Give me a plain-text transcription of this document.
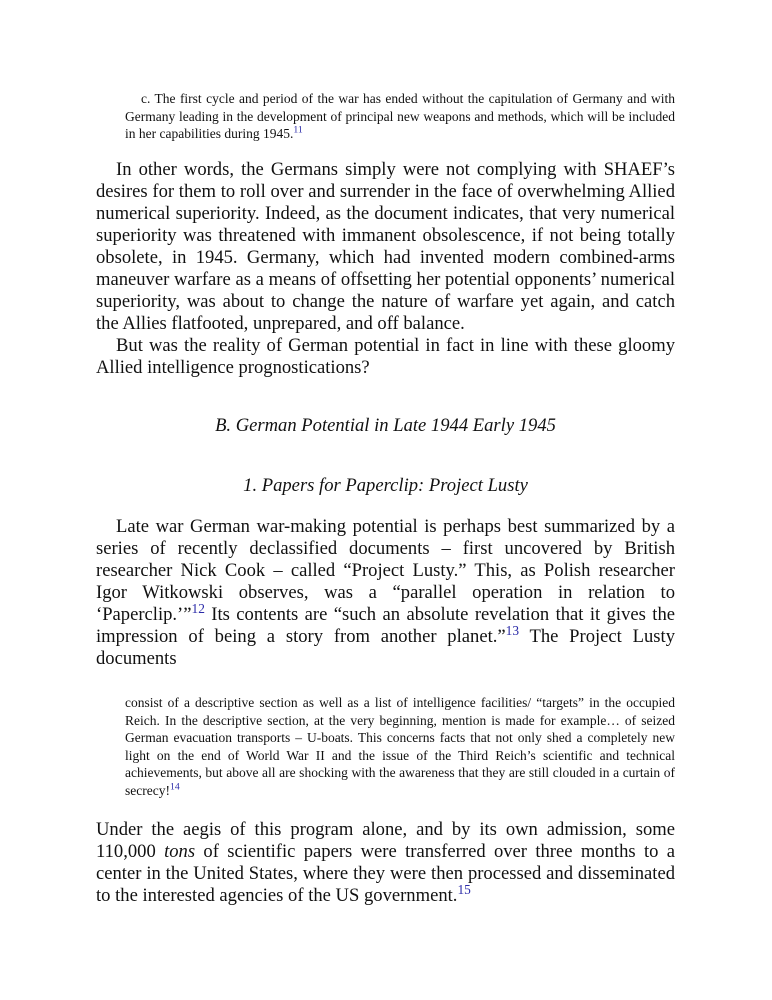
c. The first cycle and period of the war has ended without the capitulation of Germany and with Germany leading in the development of principal new weapons and methods, which will be included in her capabilities during 1945.11

In other words, the Germans simply were not complying with SHAEF’s desires for them to roll over and surrender in the face of overwhelming Allied numerical superiority. Indeed, as the document indicates, that very numerical superiority was threatened with immanent obsolescence, if not being totally obsolete, in 1945. Germany, which had invented modern combined-arms maneuver warfare as a means of offsetting her potential opponents’ numerical superiority, was about to change the nature of warfare yet again, and catch the Allies flatfooted, unprepared, and off balance.

But was the reality of German potential in fact in line with these gloomy Allied intelligence prognostications?

B. German Potential in Late 1944 Early 1945
1. Papers for Paperclip: Project Lusty

Late war German war-making potential is perhaps best summarized by a series of recently declassified documents – first uncovered by British researcher Nick Cook – called “Project Lusty.” This, as Polish researcher Igor Witkowski observes, was a “parallel operation in relation to ‘Paperclip.’”$^{12}$ Its contents are “such an absolute revelation that it gives the impression of being a story from another planet.”$^{13}$ The Project Lusty documents

consist of a descriptive section as well as a list of intelligence facilities/ “targets” in the occupied Reich. In the descriptive section, at the very beginning, mention is made for example… of seized German evacuation transports – U-boats. This concerns facts that not only shed a completely new light on the end of World War II and the issue of the Third Reich’s scientific and technical achievements, but above all are shocking with the awareness that they are still clouded in a curtain of secrecy!$^{14}$

Under the aegis of this program alone, and by its own admission, some 110,000 tons of scientific papers were transferred over three months to a center in the United States, where they were then processed and disseminated to the interested agencies of the US government.$^{15}$
